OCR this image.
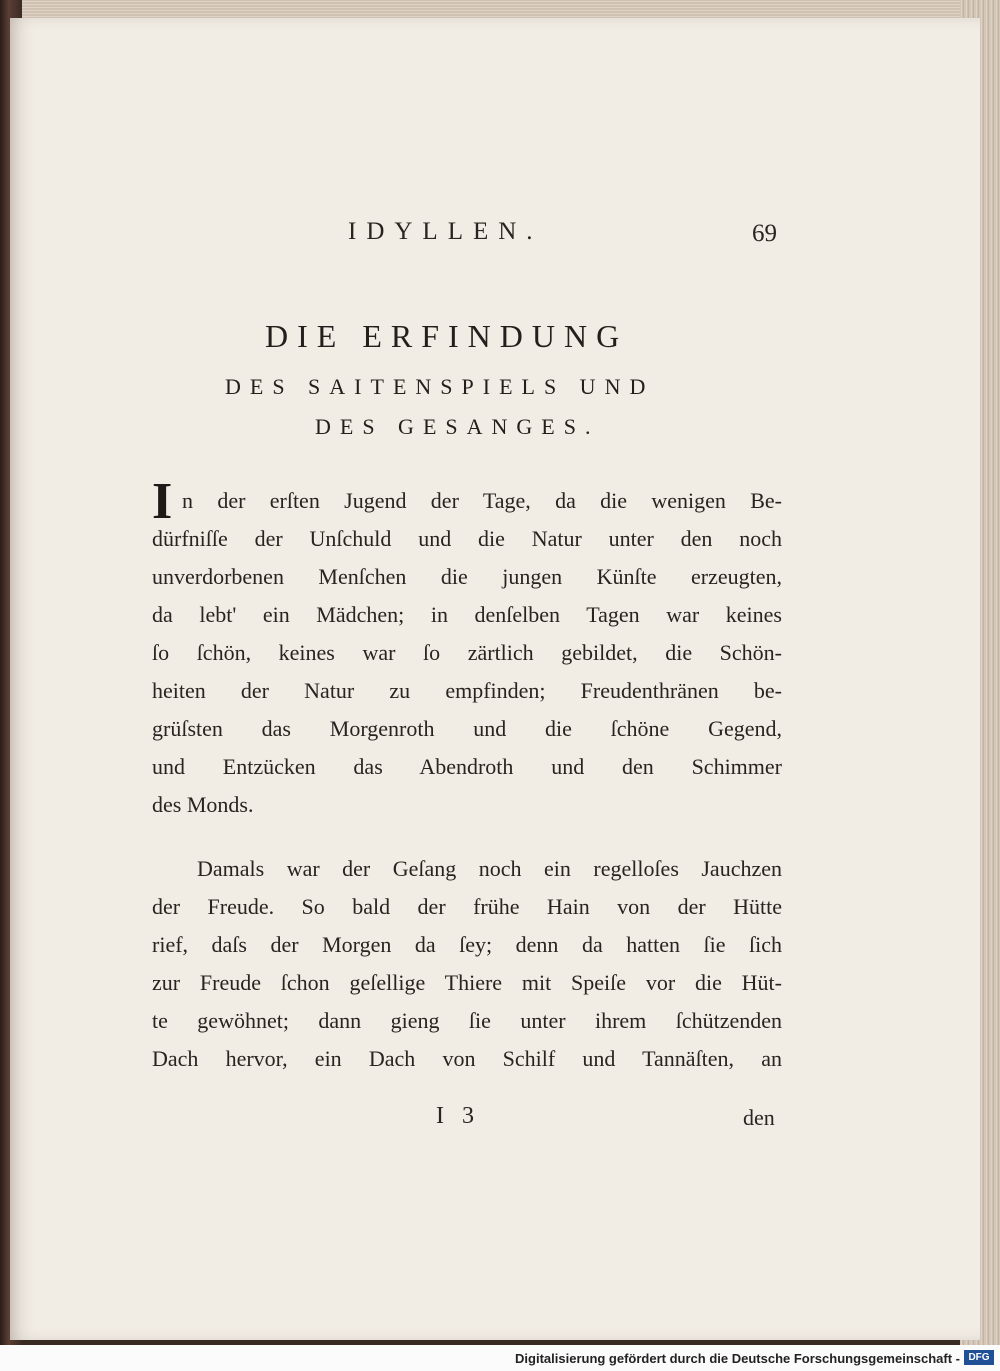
IDYLLEN.	69
DIE ERFINDUNG
DES SAITENSPIELS UND
DES GESANGES.
I n der erſten Jugend der Tage, da die wenigen Be-
dürfniſſe der Unſchuld und die Natur unter den noch
unverdorbenen Menſchen die jungen Künſte erzeugten,
da lebt' ein Mädchen; in denſelben Tagen war keines
ſo ſchön, keines war ſo zärtlich gebildet, die Schön-
heiten der Natur zu empfinden; Freudenthränen be-
grüſsten das Morgenroth und die ſchöne Gegend,
und Entzücken das Abendroth und den Schimmer
des Monds.
Damals war der Geſang noch ein regelloſes Jauchzen
der Freude. So bald der frühe Hain von der Hütte
rief, daſs der Morgen da ſey; denn da hatten ſie ſich
zur Freude ſchon geſellige Thiere mit Speiſe vor die Hüt-
te gewöhnet; dann gieng ſie unter ihrem ſchützenden
Dach hervor, ein Dach von Schilf und Tannäſten, an
I 3	den
Digitalisierung gefördert durch die Deutsche Forschungsgemeinschaft - DFG
